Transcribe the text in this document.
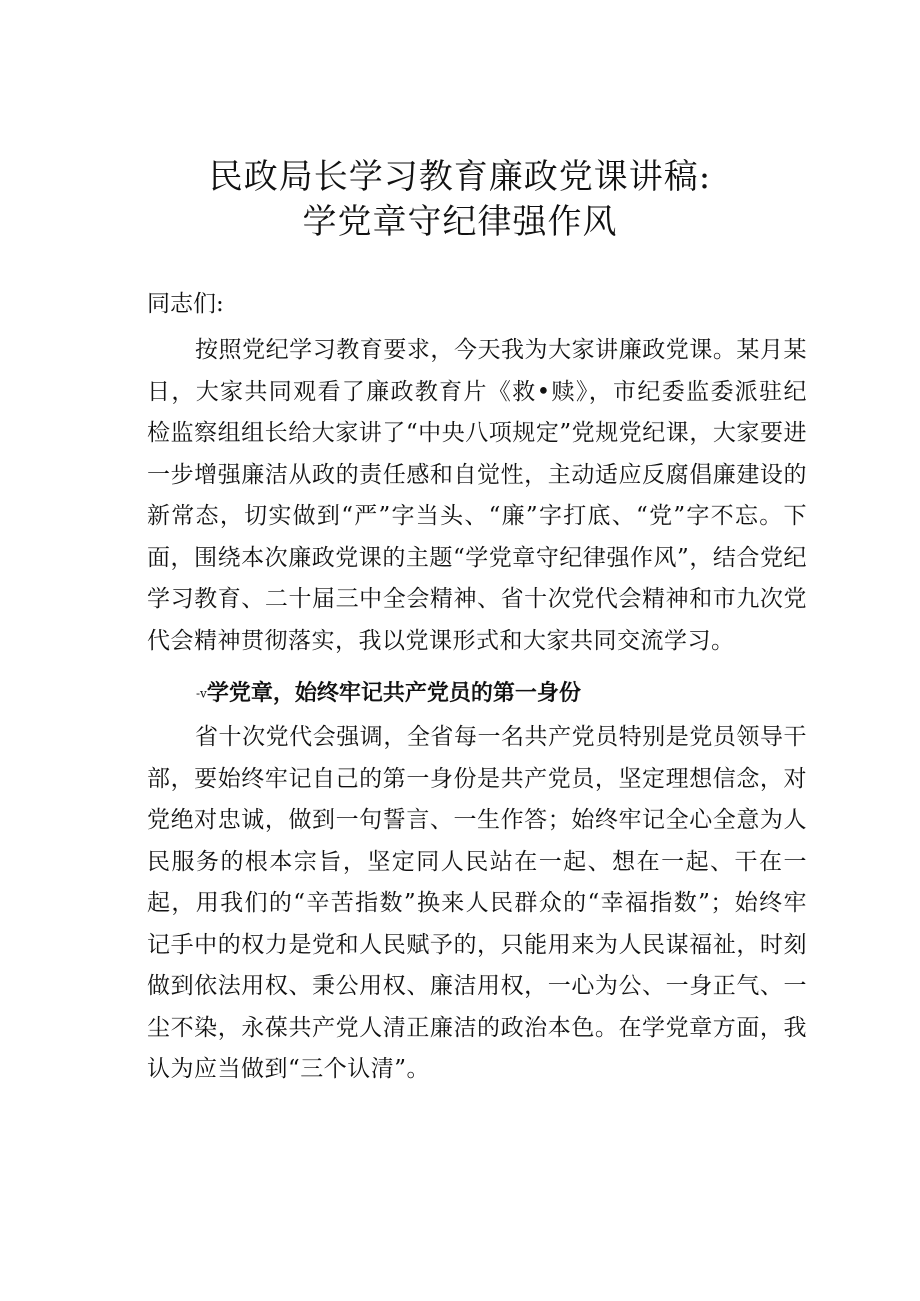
民政局长学习教育廉政党课讲稿:
学党章守纪律强作风
同志们:
按照党纪学习教育要求，今天我为大家讲廉政党课。某月某日，大家共同观看了廉政教育片《救•赎》，市纪委监委派驻纪检监察组组长给大家讲了“中央八项规定”党规党纪课，大家要进一步增强廉洁从政的责任感和自觉性，主动适应反腐倡廉建设的新常态，切实做到“严”字当头、“廉”字打底、“党”字不忘。下面，围绕本次廉政党课的主题“学党章守纪律强作风”，结合党纪学习教育、二十届三中全会精神、省十次党代会精神和市九次党代会精神贯彻落实，我以党课形式和大家共同交流学习。
-v学党章，始终牢记共产党员的第一身份
省十次党代会强调，全省每一名共产党员特别是党员领导干部，要始终牢记自己的第一身份是共产党员，坚定理想信念，对党绝对忠诚，做到一句誓言、一生作答；始终牢记全心全意为人民服务的根本宗旨，坚定同人民站在一起、想在一起、干在一起，用我们的“辛苦指数”换来人民群众的“幸福指数”；始终牢记手中的权力是党和人民赋予的，只能用来为人民谋福祉，时刻做到依法用权、秉公用权、廉洁用权，一心为公、一身正气、一尘不染，永葆共产党人清正廉洁的政治本色。在学党章方面，我认为应当做到“三个认清”。
